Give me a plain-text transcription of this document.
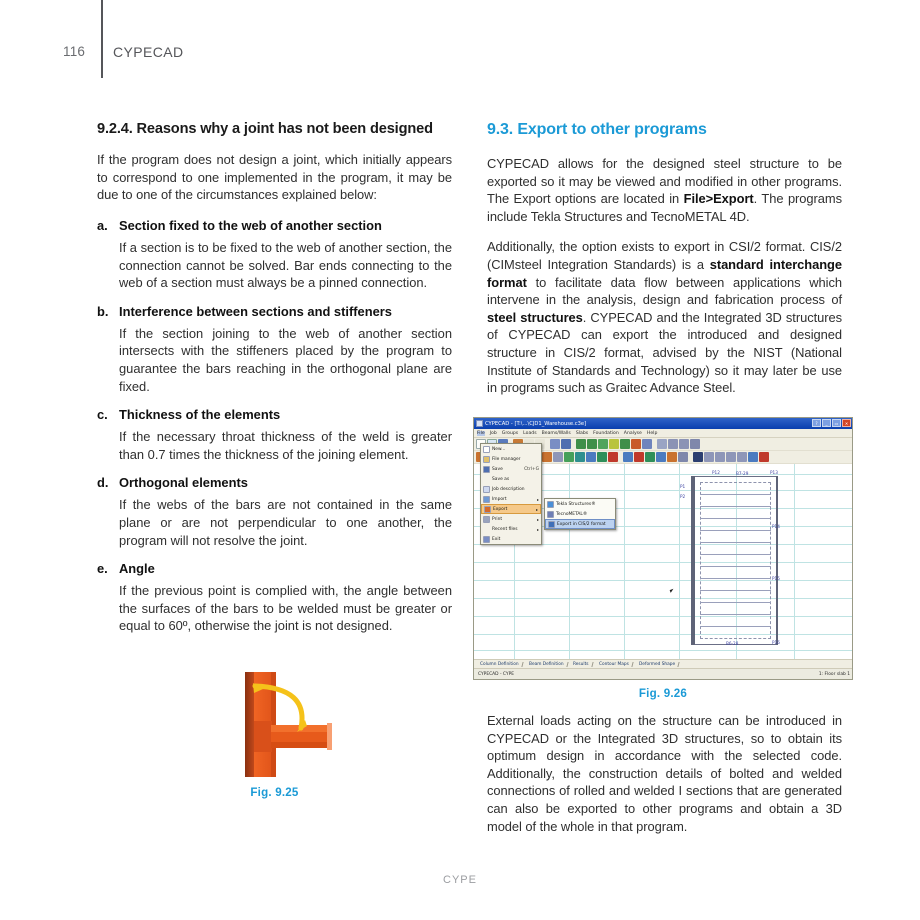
116 CYPECAD
9.2.4. Reasons why a joint has not been designed

If the program does not design a joint, which initially appears to correspond to one implemented in the program, it may be due to one of the circumstances explained below:

a. Section fixed to the web of another section
If a section is to be fixed to the web of another section, the connection cannot be solved. Bar ends connecting to the web of a section must always be a pinned connection.
b. Interference between sections and stiffeners
If the section joining to the web of another section intersects with the stiffeners placed by the program to guarantee the bars reaching in the orthogonal plane are fixed.
c. Thickness of the elements
If the necessary throat thickness of the weld is greater than 0.7 times the thickness of the joining element.
d. Orthogonal elements
If the webs of the bars are not contained in the same plane or are not perpendicular to one another, the program will not resolve the joint.
e. Angle
If the previous point is complied with, the angle between the surfaces of the bars to be welded must be greater or equal to 60º, otherwise the joint is not designed.
Fig. 9.25
9.3. Export to other programs

CYPECAD allows for the designed steel structure to be exported so it may be viewed and modified in other programs. The Export options are located in File>Export. The programs include Tekla Structures and TecnoMETAL 4D.

Additionally, the option exists to export in CSI/2 format. CIS/2 (CIMsteel Integration Standards) is a standard interchange format to facilitate data flow between applications which intervene in the analysis, design and fabrication process of steel structures. CYPECAD and the Integrated 3D structures of CYPECAD can export the introduced and designed structure in CIS/2 format, advised by the NIST (National Institute of Standards and Technology) so it may later be use in programs such as Graitec Advance Steel.

CYPECAD - [T:\...\CJD1_Warehouse.c3e]	?	_	▭	✕
File Job Groups Loads Beams/Walls Slabs Foundation Analyse Help
P12	P13
P1
P2
P14
P15
P16
B7-29
B6-28
New...
File manager
Save	Ctrl+G
Save as
Job description
Import	▸
Export	▸
Print	▸
Recent files	▸
Exit
Tekla Structures®
TecnoMETAL®
Export in CIS/2 format
Column Definition	Beam Definition	Results	Contour Maps	Deformed Shape
CYPECAD - CYPE	1: Floor slab 1
Fig. 9.26

External loads acting on the structure can be introduced in CYPECAD or the Integrated 3D structures, so to obtain its optimum design in accordance with the selected code. Additionally, the construction details of bolted and welded connections of rolled and welded I sections that are generated can also be exported to other programs and obtain a 3D model of the whole in that program.

CYPE
